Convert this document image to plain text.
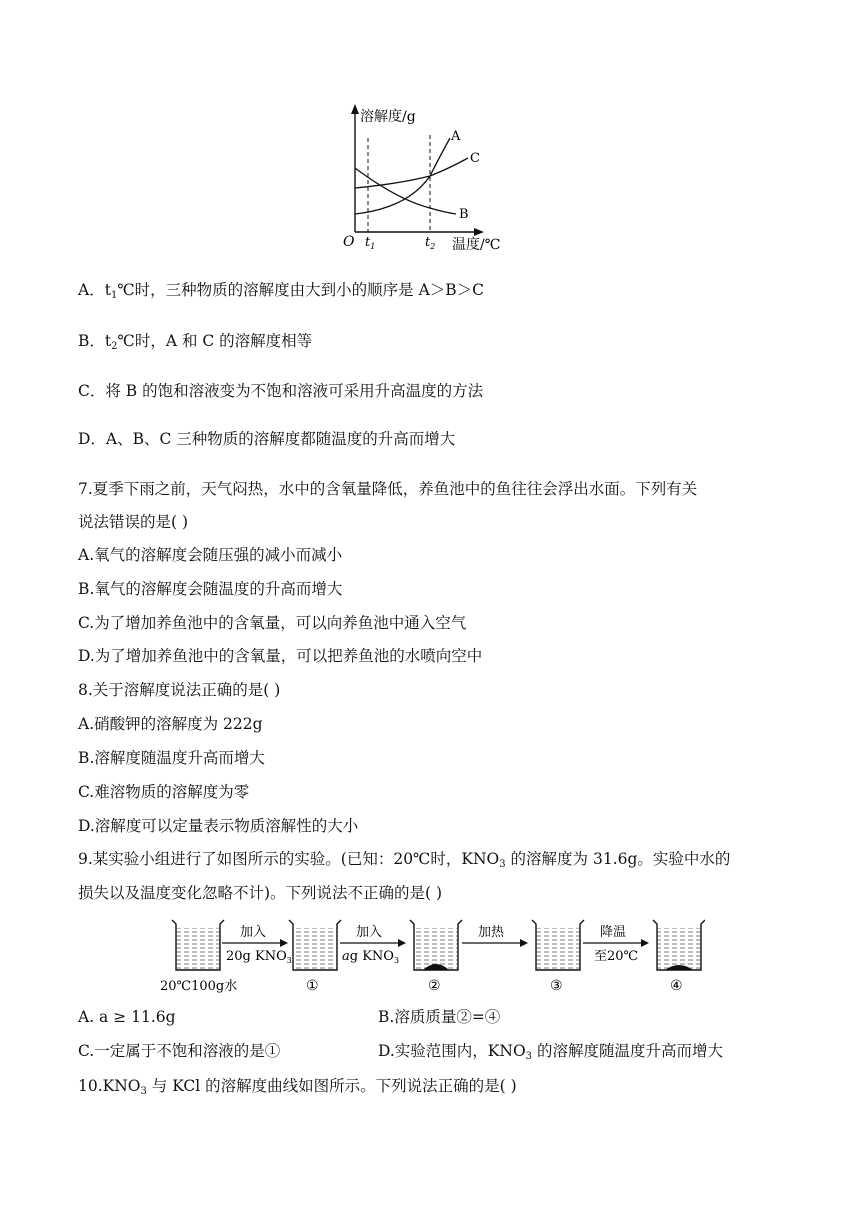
溶解度/g
A
C
B
O $t_1$	$t_2$ 温度/℃
A．$t_1℃$时，三种物质的溶解度由大到小的顺序是 A＞B＞C
B．$t_2℃$时，A 和 C 的溶解度相等
C．将 B 的饱和溶液变为不饱和溶液可采用升高温度的方法
D．A、B、C 三种物质的溶解度都随温度的升高而增大
7.夏季下雨之前，天气闷热，水中的含氧量降低，养鱼池中的鱼往往会浮出水面。下列有关
说法错误的是( )
A.氧气的溶解度会随压强的减小而减小
B.氧气的溶解度会随温度的升高而增大
C.为了增加养鱼池中的含氧量，可以向养鱼池中通入空气
D.为了增加养鱼池中的含氧量，可以把养鱼池的水喷向空中
8.关于溶解度说法正确的是( )
A.硝酸钾的溶解度为 222g
B.溶解度随温度升高而增大
C.难溶物质的溶解度为零
D.溶解度可以定量表示物质溶解性的大小
9.某实验小组进行了如图所示的实验。(已知：20℃时，$KNO_3$ 的溶解度为 31.6g。实验中水的
损失以及温度变化忽略不计)。下列说法不正确的是( )
加入
20g $KNO_3$
加入
ag $KNO_3$
加热	降温
至20℃
20℃100g水	①	②	③	④
A. a ≥ 11.6g	B.溶质质量②=④
C.一定属于不饱和溶液的是①	D.实验范围内，$KNO_3$ 的溶解度随温度升高而增大
$10.KNO_3$ 与 KCl 的溶解度曲线如图所示。下列说法正确的是( )
